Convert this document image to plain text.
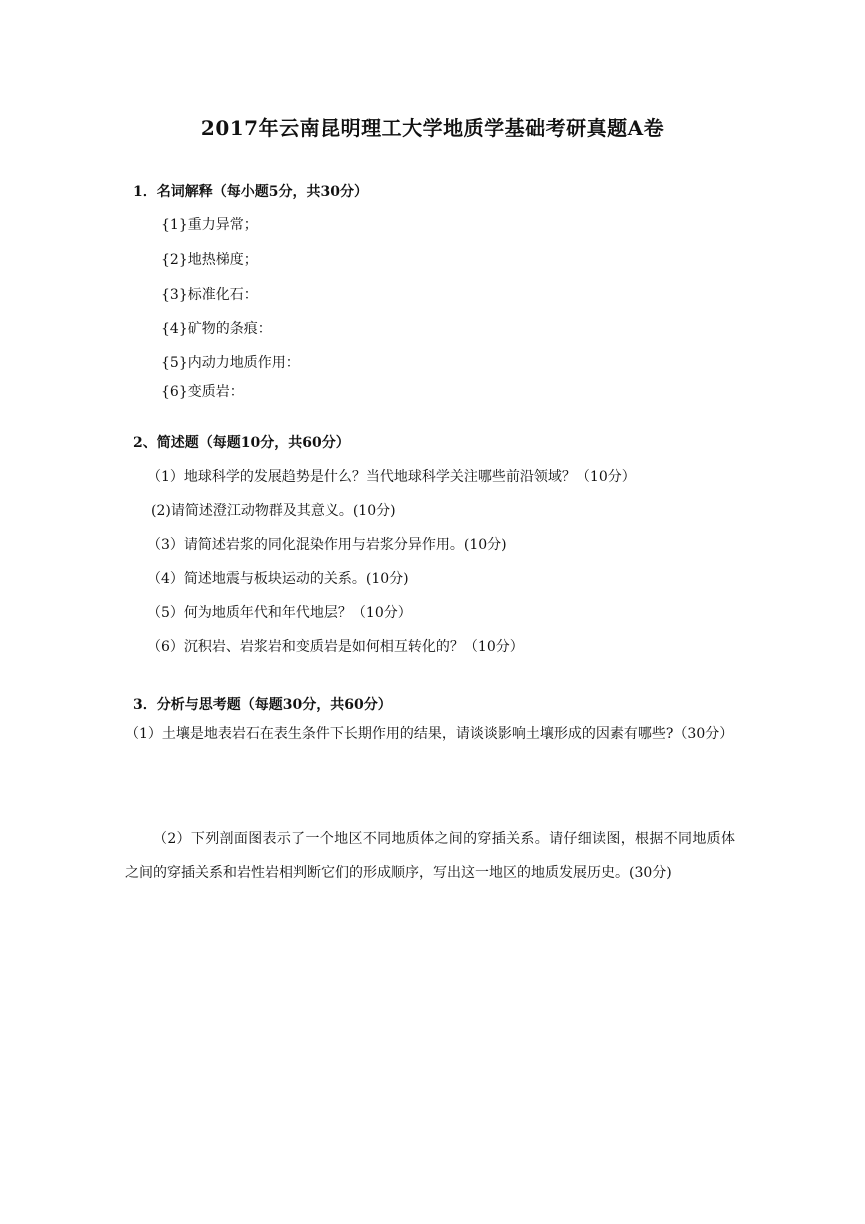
2017年云南昆明理工大学地质学基础考研真题A卷
1．名词解释（每小题5分，共30分）
{1}重力异常；
{2}地热梯度；
{3}标准化石：
{4}矿物的条痕：
{5}内动力地质作用：
{6}变质岩：
2、简述题（每题10分，共60分）
（1）地球科学的发展趋势是什么？当代地球科学关注哪些前沿领域？（10分）
(2)请简述澄江动物群及其意义。(10分)
（3）请简述岩浆的同化混染作用与岩浆分异作用。(10分)
（4）简述地震与板块运动的关系。(10分)
（5）何为地质年代和年代地层？（10分）
（6）沉积岩、岩浆岩和变质岩是如何相互转化的？（10分）
3．分析与思考题（每题30分，共60分）
（1）土壤是地表岩石在表生条件下长期作用的结果，请谈谈影响土壤形成的因素有哪些?（30分）
（2）下列剖面图表示了一个地区不同地质体之间的穿插关系。请仔细读图，根据不同地质体之间的穿插关系和岩性岩相判断它们的形成顺序，写出这一地区的地质发展历史。(30分)
